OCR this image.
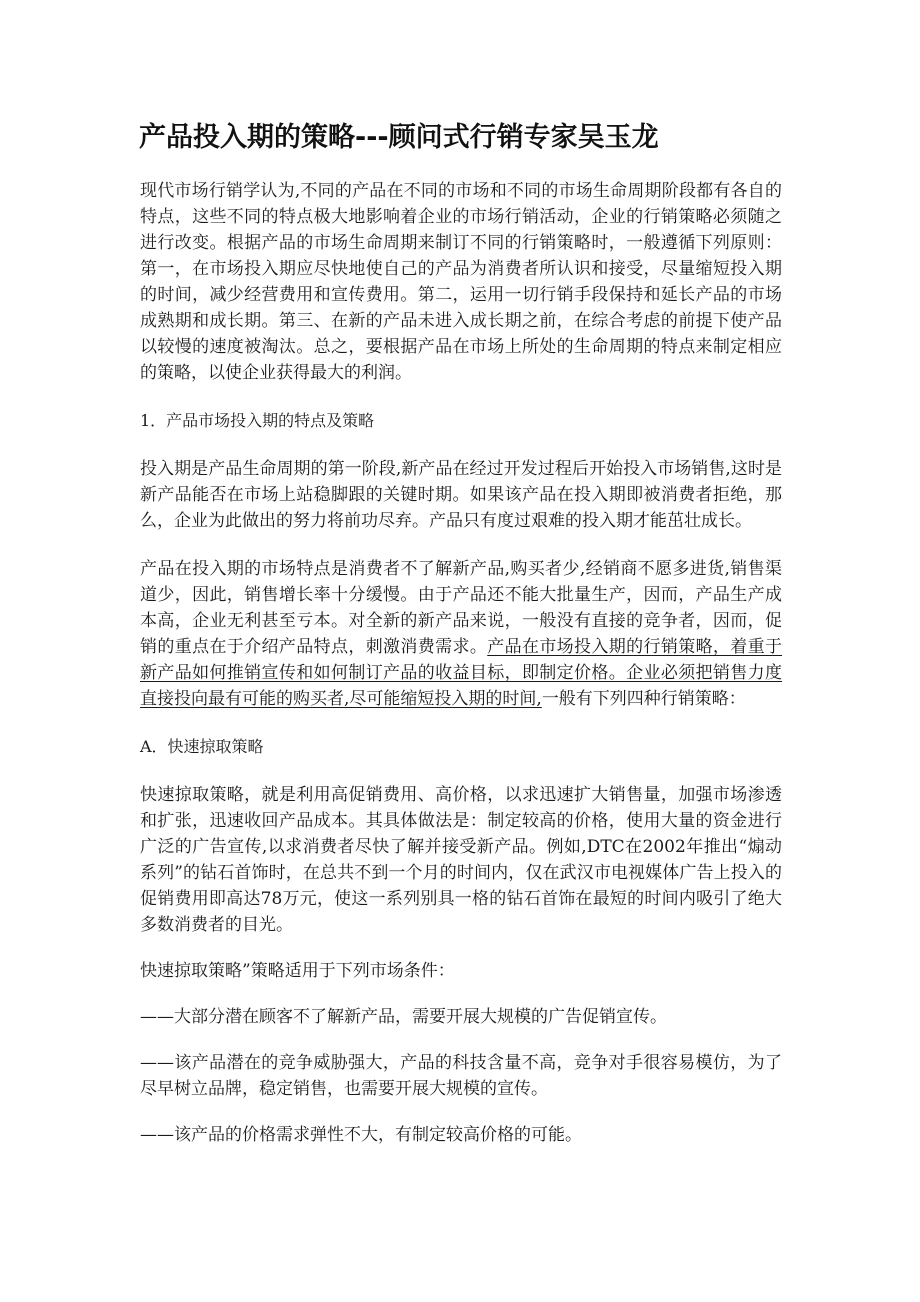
产品投入期的策略---顾问式行销专家吴玉龙

现代市场行销学认为,不同的产品在不同的市场和不同的市场生命周期阶段都有各自的特点，这些不同的特点极大地影响着企业的市场行销活动，企业的行销策略必须随之进行改变。根据产品的市场生命周期来制订不同的行销策略时，一般遵循下列原则：第一，在市场投入期应尽快地使自己的产品为消费者所认识和接受，尽量缩短投入期的时间，减少经营费用和宣传费用。第二，运用一切行销手段保持和延长产品的市场成熟期和成长期。第三、在新的产品未进入成长期之前，在综合考虑的前提下使产品以较慢的速度被淘汰。总之，要根据产品在市场上所处的生命周期的特点来制定相应的策略，以使企业获得最大的利润。

1．产品市场投入期的特点及策略

投入期是产品生命周期的第一阶段,新产品在经过开发过程后开始投入市场销售,这时是新产品能否在市场上站稳脚跟的关键时期。如果该产品在投入期即被消费者拒绝，那么，企业为此做出的努力将前功尽弃。产品只有度过艰难的投入期才能茁壮成长。

产品在投入期的市场特点是消费者不了解新产品,购买者少,经销商不愿多进货,销售渠道少，因此，销售增长率十分缓慢。由于产品还不能大批量生产，因而，产品生产成本高，企业无利甚至亏本。对全新的新产品来说，一般没有直接的竞争者，因而，促销的重点在于介绍产品特点，刺激消费需求。产品在市场投入期的行销策略，着重于新产品如何推销宣传和如何制订产品的收益目标，即制定价格。企业必须把销售力度直接投向最有可能的购买者,尽可能缩短投入期的时间,一般有下列四种行销策略：

A．快速掠取策略

快速掠取策略，就是利用高促销费用、高价格，以求迅速扩大销售量，加强市场渗透和扩张，迅速收回产品成本。其具体做法是：制定较高的价格，使用大量的资金进行广泛的广告宣传,以求消费者尽快了解并接受新产品。例如,DTC在2002年推出“煽动系列”的钻石首饰时，在总共不到一个月的时间内，仅在武汉市电视媒体广告上投入的促销费用即高达78万元，使这一系列别具一格的钻石首饰在最短的时间内吸引了绝大多数消费者的目光。

快速掠取策略”策略适用于下列市场条件：

——大部分潜在顾客不了解新产品，需要开展大规模的广告促销宣传。

——该产品潜在的竞争威胁强大，产品的科技含量不高，竞争对手很容易模仿，为了尽早树立品牌，稳定销售，也需要开展大规模的宣传。

——该产品的价格需求弹性不大，有制定较高价格的可能。
